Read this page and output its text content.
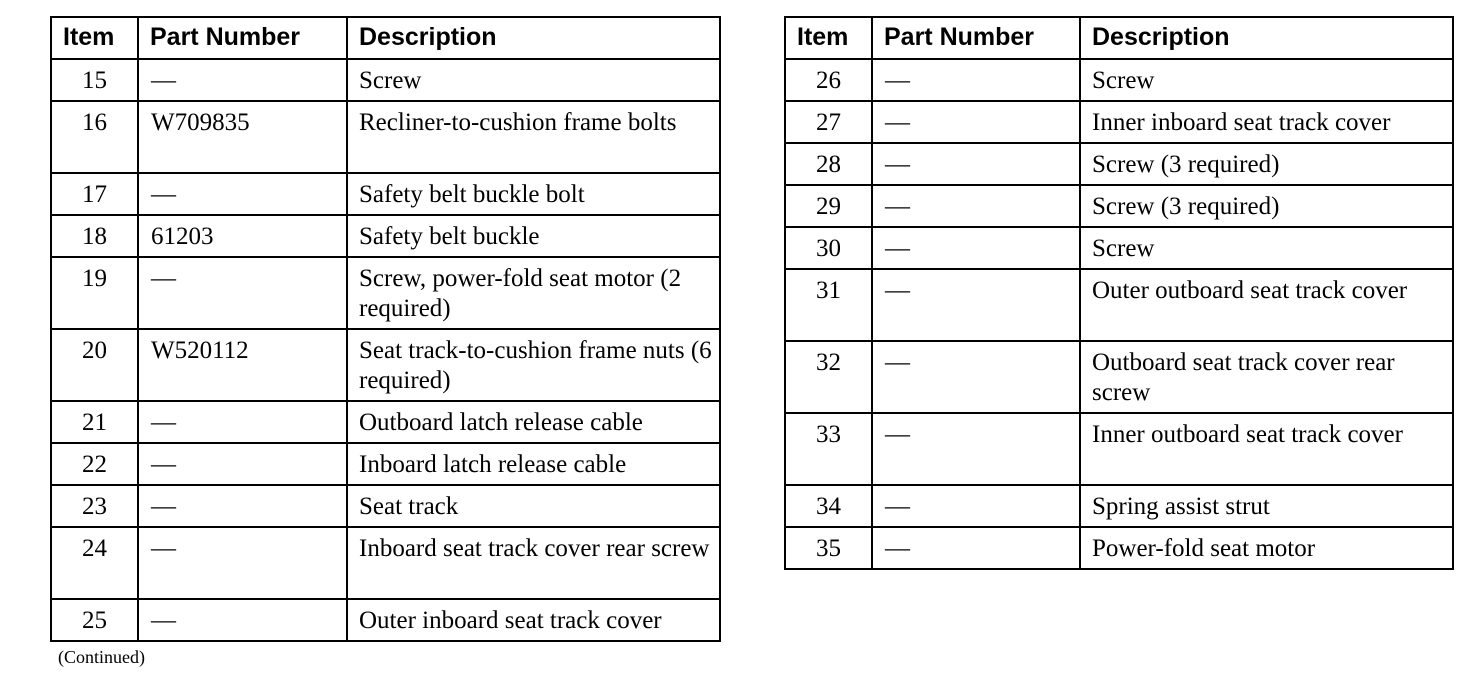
Item	Part Number	Description
15	—	Screw
16	W709835	Recliner-to-cushion frame bolts
17	—	Safety belt buckle bolt
18	61203	Safety belt buckle
19	—	Screw, power-fold seat motor (2 required)
20	W520112	Seat track-to-cushion frame nuts (6 required)
21	—	Outboard latch release cable
22	—	Inboard latch release cable
23	—	Seat track
24	—	Inboard seat track cover rear screw
25	—	Outer inboard seat track cover
Item	Part Number	Description
26	—	Screw
27	—	Inner inboard seat track cover
28	—	Screw (3 required)
29	—	Screw (3 required)
30	—	Screw
31	—	Outer outboard seat track cover
32	—	Outboard seat track cover rear screw
33	—	Inner outboard seat track cover
34	—	Spring assist strut
35	—	Power-fold seat motor
(Continued)
